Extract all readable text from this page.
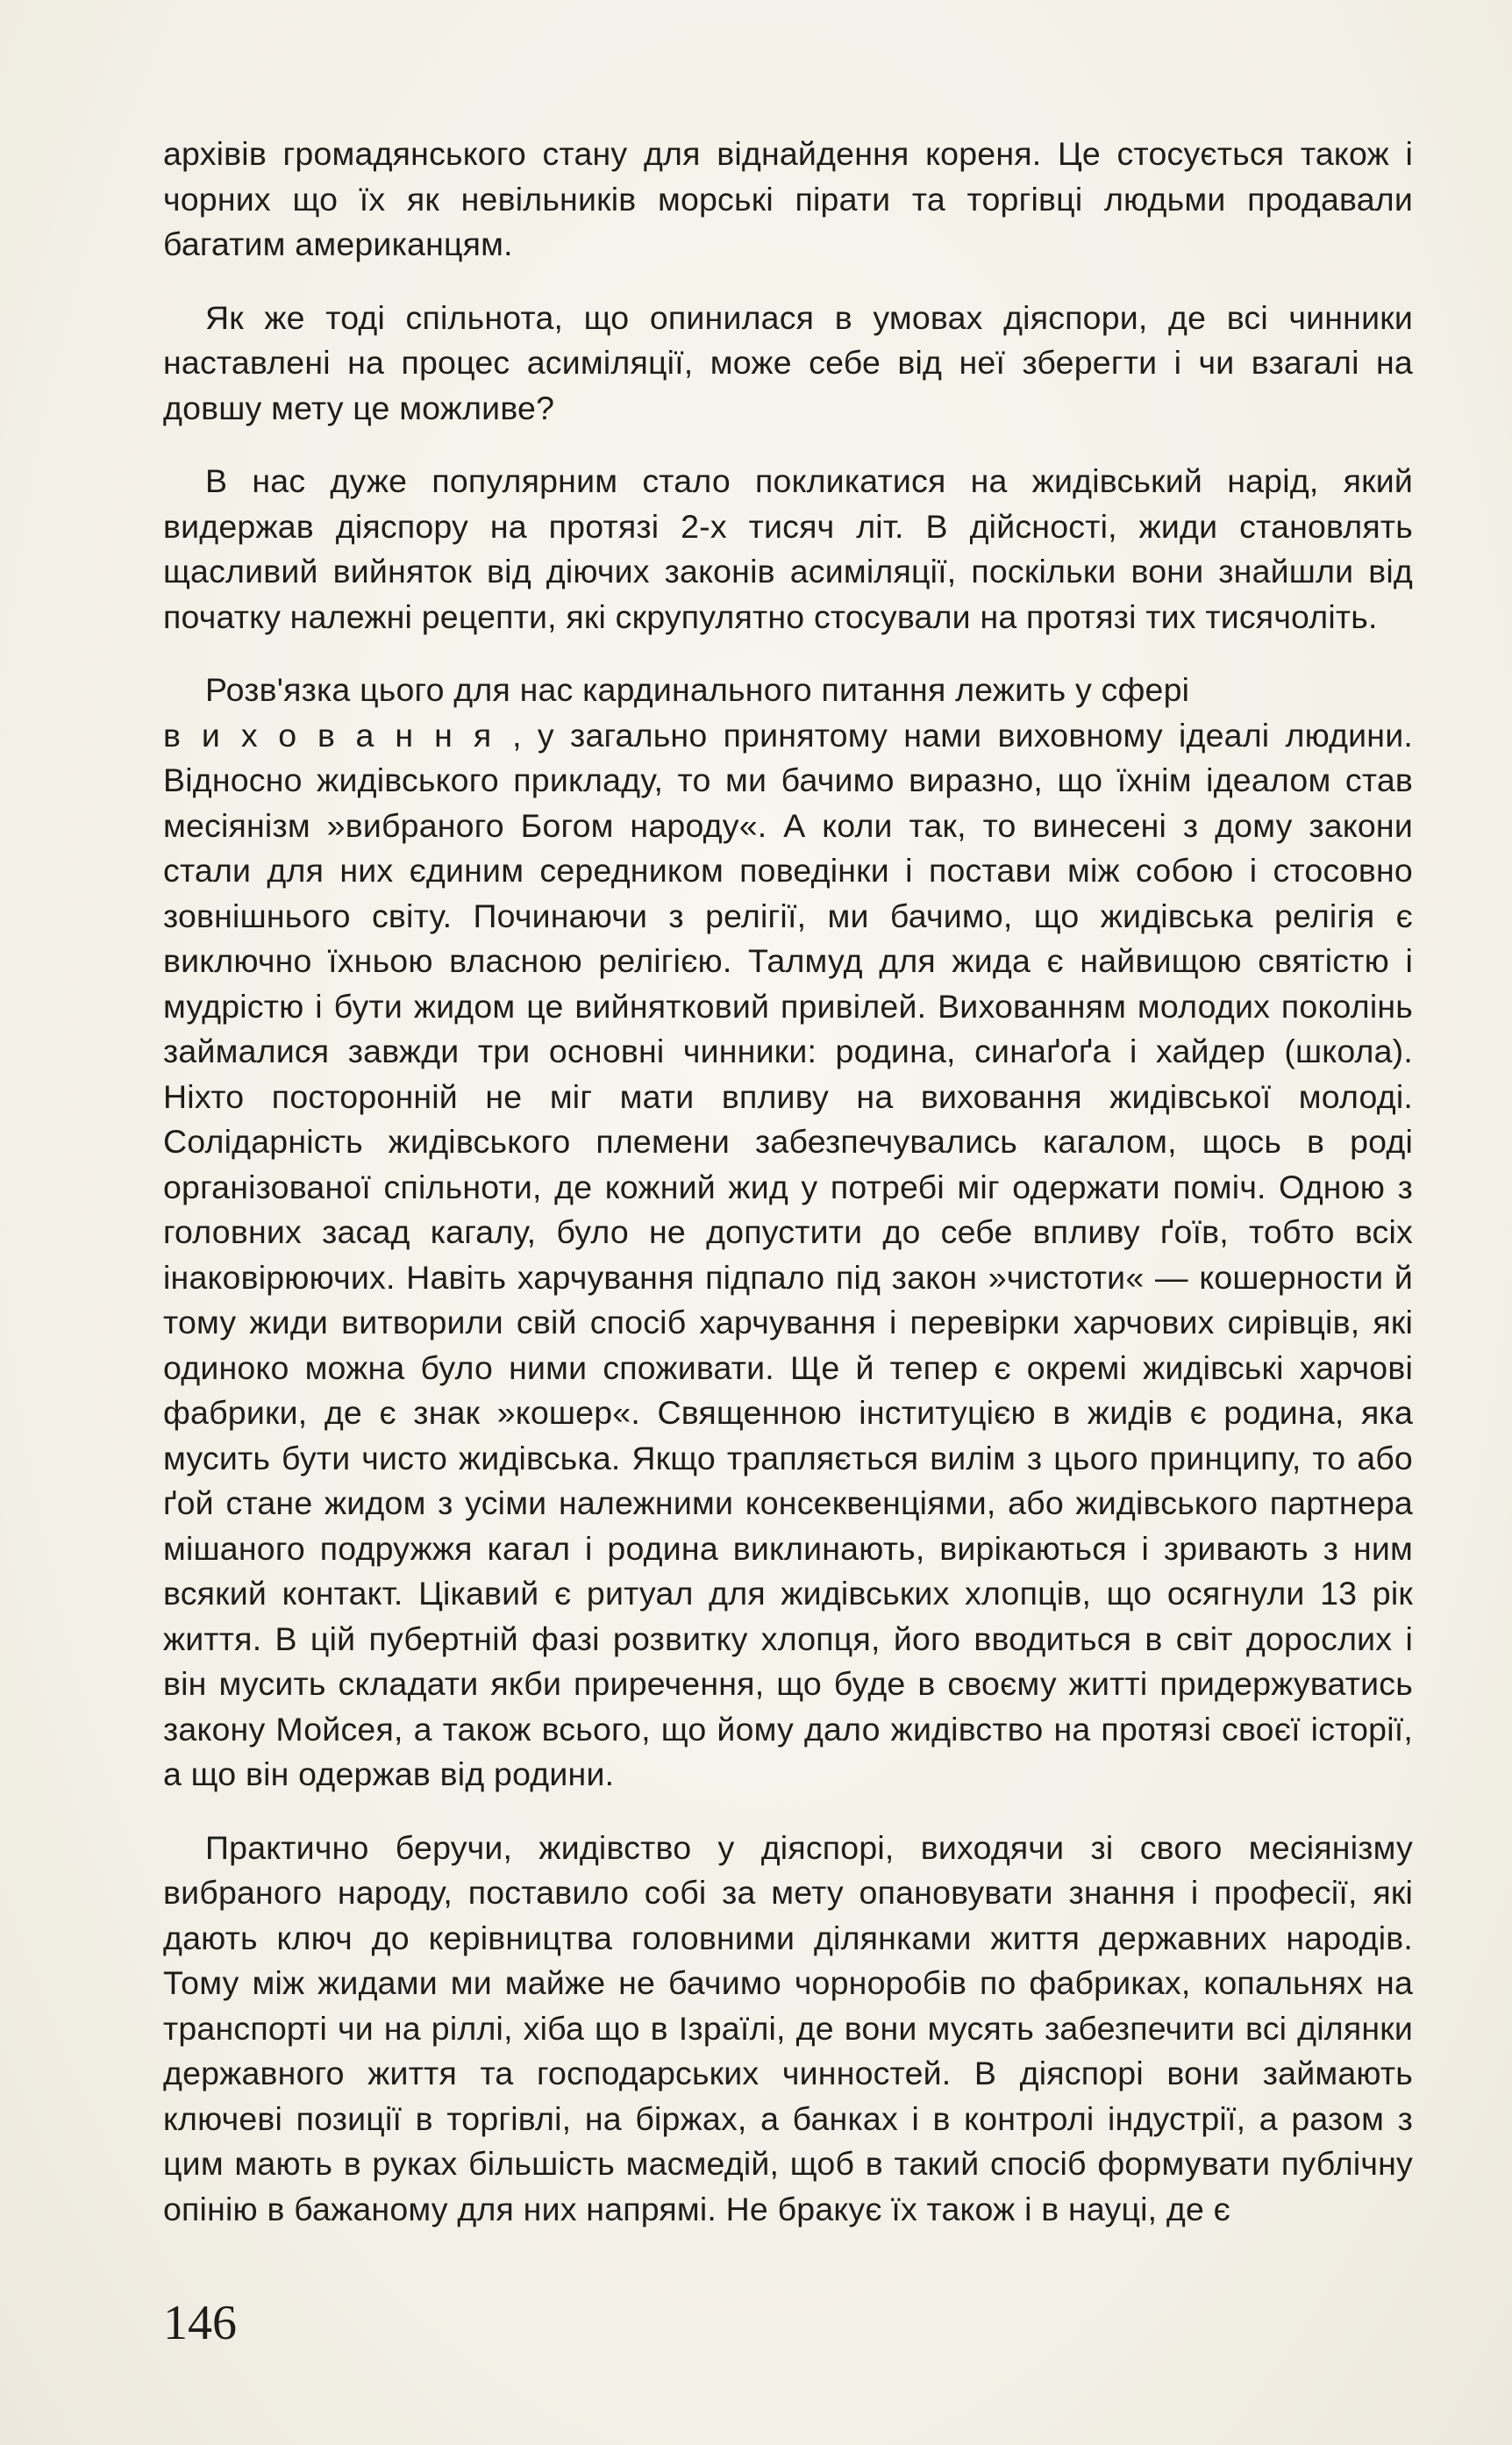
архівів громадянського стану для віднайдення кореня. Це стосується також і чорних що їх як невільників морські пірати та торгівці людьми продавали багатим американцям.

Як же тоді спільнота, що опинилася в умовах діяспори, де всі чинники наставлені на процес асиміляції, може себе від неї зберегти і чи взагалі на довшу мету це можливе?

В нас дуже популярним стало покликатися на жидівський нарід, який видержав діяспору на протязі 2-х тисяч літ. В дійсності, жиди становлять щасливий вийняток від діючих законів асиміляції, поскільки вони знайшли від початку належні рецепти, які скрупулятно стосували на протязі тих тисячоліть.

Розв'язка цього для нас кардинального питання лежить у сфері
виховання, у загально принятому нами виховному ідеалі людини. Відносно жидівського прикладу, то ми бачимо виразно, що їхнім ідеалом став месіянізм »вибраного Богом народу«. А коли так, то винесені з дому закони стали для них єдиним середником поведінки і постави між собою і стосовно зовнішнього світу. Починаючи з релігії, ми бачимо, що жидівська релігія є виключно їхньою власною релігією. Талмуд для жида є найвищою святістю і мудрістю і бути жидом це вийнятковий привілей. Вихованням молодих поколінь займалися завжди три основні чинники: родина, синаґоґа і хайдер (школа). Ніхто посторонній не міг мати впливу на виховання жидівської молоді. Солідарність жидівського племени забезпечувались кагалом, щось в роді організованої спільноти, де кожний жид у потребі міг одержати поміч. Одною з головних засад кагалу, було не допустити до себе впливу ґоїв, тобто всіх інаковірюючих. Навіть харчування підпало під закон »чистоти« — кошерности й тому жиди витворили свій спосіб харчування і перевірки харчових сирівців, які одиноко можна було ними споживати. Ще й тепер є окремі жидівські харчові фабрики, де є знак »кошер«. Священною інституцією в жидів є родина, яка мусить бути чисто жидівська. Якщо трапляється вилім з цього принципу, то або ґой стане жидом з усіми належними консеквенціями, або жидівського партнера мішаного подружжя кагал і родина виклинають, вирікаються і зривають з ним всякий контакт. Цікавий є ритуал для жидівських хлопців, що осягнули 13 рік життя. В цій пубертній фазі розвитку хлопця, його вводиться в світ дорослих і він мусить складати якби приречення, що буде в своєму житті придержуватись закону Мойсея, а також всього, що йому дало жидівство на протязі своєї історії, а що він одержав від родини.

Практично беручи, жидівство у діяспорі, виходячи зі свого месіянізму вибраного народу, поставило собі за мету опановувати знання і професії, які дають ключ до керівництва головними ділянками життя державних народів. Тому між жидами ми майже не бачимо чорноробів по фабриках, копальнях на транспорті чи на ріллі, хіба що в Ізраїлі, де вони мусять забезпечити всі ділянки державного життя та господарських чинностей. В діяспорі вони займають ключеві позиції в торгівлі, на біржах, а банках і в контролі індустрії, а разом з цим мають в руках більшість масмедій, щоб в такий спосіб формувати публічну опінію в бажаному для них напрямі. Не бракує їх також і в науці, де є

146
